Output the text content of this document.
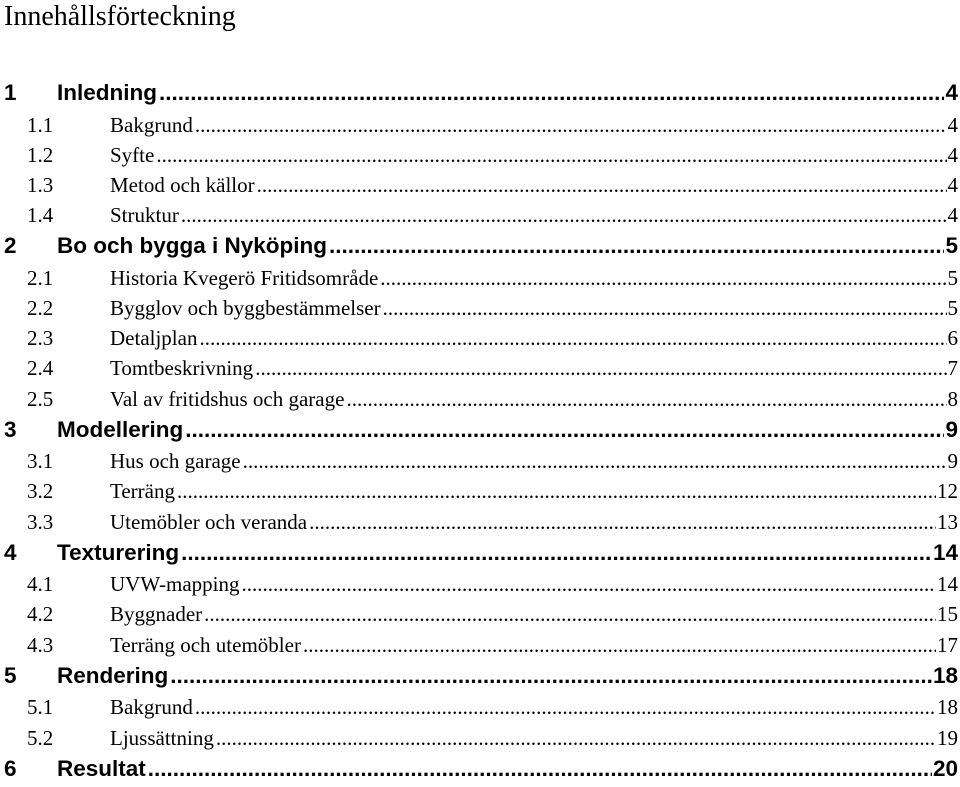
Innehållsförteckning
1	Inledning .....	4
1.1	Bakgrund .....	4
1.2	Syfte .....	4
1.3	Metod och källor .....	4
1.4	Struktur .....	4
2	Bo och bygga i Nyköping .....	5
2.1	Historia Kvegerö Fritidsområde .....	5
2.2	Bygglov och byggbestämmelser .....	5
2.3	Detaljplan .....	6
2.4	Tomtbeskrivning .....	7
2.5	Val av fritidshus och garage .....	8
3	Modellering .....	9
3.1	Hus och garage .....	9
3.2	Terräng .....	12
3.3	Utemöbler och veranda .....	13
4	Texturering .....	14
4.1	UVW-mapping .....	14
4.2	Byggnader .....	15
4.3	Terräng och utemöbler .....	17
5	Rendering .....	18
5.1	Bakgrund .....	18
5.2	Ljussättning .....	19
6	Resultat .....	20
